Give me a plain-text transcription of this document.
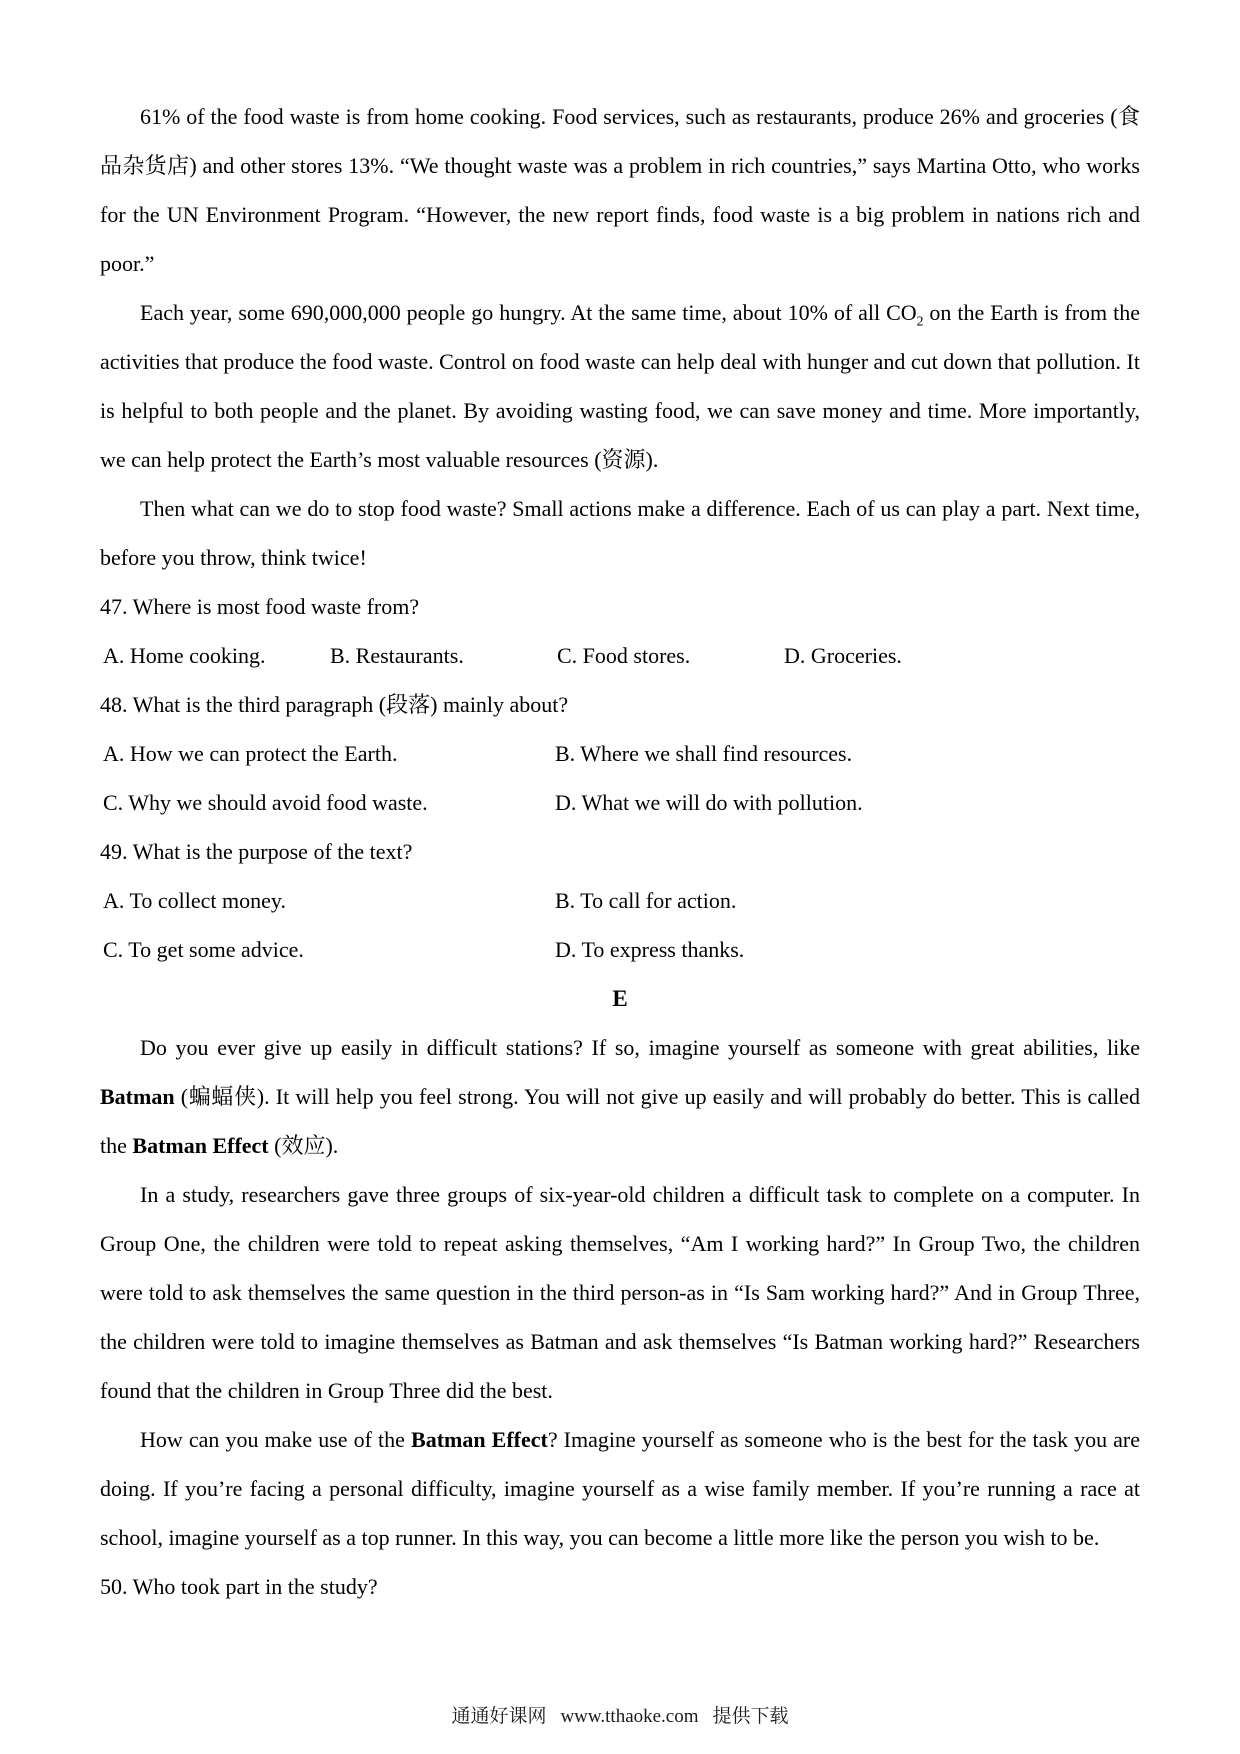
61% of the food waste is from home cooking. Food services, such as restaurants, produce 26% and groceries (食品杂货店) and other stores 13%. “We thought waste was a problem in rich countries,” says Martina Otto, who works for the UN Environment Program. “However, the new report finds, food waste is a big problem in nations rich and poor.”

Each year, some 690,000,000 people go hungry. At the same time, about 10% of all $CO_2$ on the Earth is from the activities that produce the food waste. Control on food waste can help deal with hunger and cut down that pollution. It is helpful to both people and the planet. By avoiding wasting food, we can save money and time. More importantly, we can help protect the Earth’s most valuable resources (资源).

Then what can we do to stop food waste? Small actions make a difference. Each of us can play a part. Next time, before you throw, think twice!

47. Where is most food waste from?

A. Home cooking.	B. Restaurants.	C. Food stores.	D. Groceries.

48. What is the third paragraph (段落) mainly about?

A. How we can protect the Earth.	B. Where we shall find resources.
C. Why we should avoid food waste.	D. What we will do with pollution.

49. What is the purpose of the text?

A. To collect money.	B. To call for action.
C. To get some advice.	D. To express thanks.

E

Do you ever give up easily in difficult stations? If so, imagine yourself as someone with great abilities, like Batman (蝙蝠侠). It will help you feel strong. You will not give up easily and will probably do better. This is called the Batman Effect (效应).

In a study, researchers gave three groups of six-year-old children a difficult task to complete on a computer. In Group One, the children were told to repeat asking themselves, “Am I working hard?” In Group Two, the children were told to ask themselves the same question in the third person-as in “Is Sam working hard?” And in Group Three, the children were told to imagine themselves as Batman and ask themselves “Is Batman working hard?” Researchers found that the children in Group Three did the best.

How can you make use of the Batman Effect? Imagine yourself as someone who is the best for the task you are doing. If you’re facing a personal difficulty, imagine yourself as a wise family member. If you’re running a race at school, imagine yourself as a top runner. In this way, you can become a little more like the person you wish to be.

50. Who took part in the study?

通通好课网 www.tthaoke.com 提供下载
